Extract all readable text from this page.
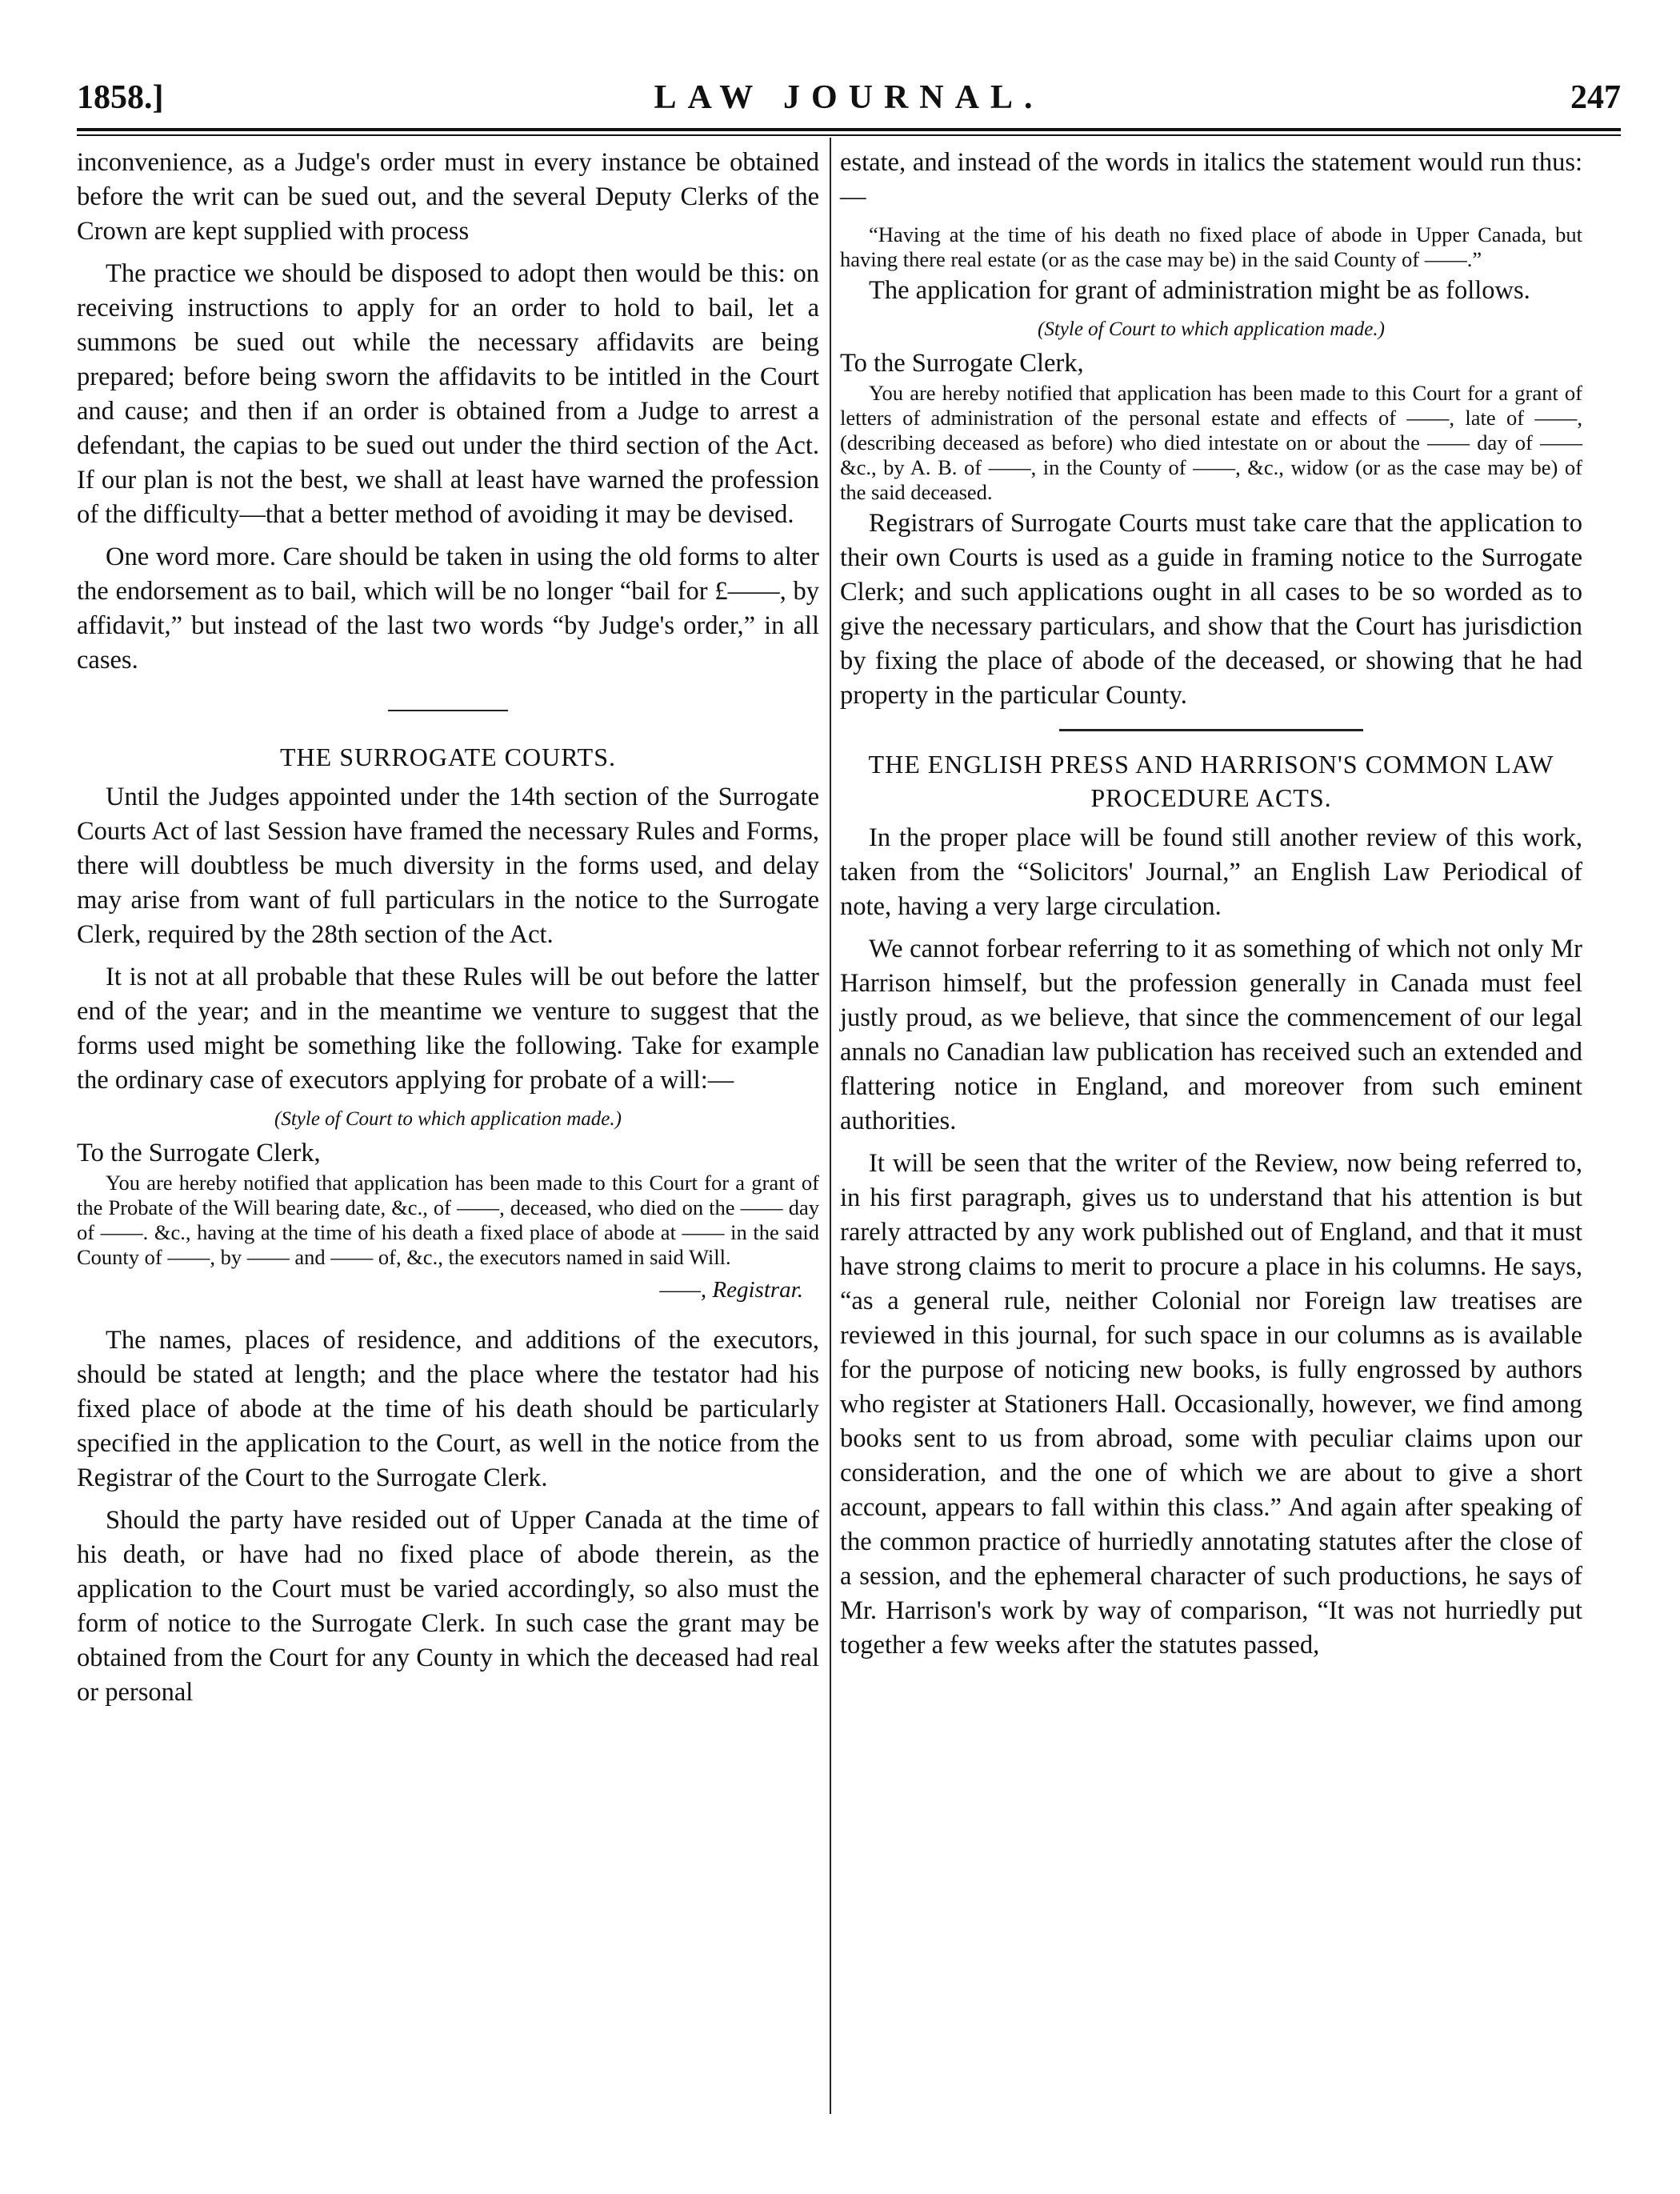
1858.]	LAW JOURNAL.	247

inconvenience, as a Judge's order must in every instance be obtained before the writ can be sued out, and the several Deputy Clerks of the Crown are kept supplied with process

The practice we should be disposed to adopt then would be this: on receiving instructions to apply for an order to hold to bail, let a summons be sued out while the necessary affidavits are being prepared; before being sworn the affidavits to be intitled in the Court and cause; and then if an order is obtained from a Judge to arrest a defendant, the capias to be sued out under the third section of the Act. If our plan is not the best, we shall at least have warned the profession of the difficulty—that a better method of avoiding it may be devised.

One word more. Care should be taken in using the old forms to alter the endorsement as to bail, which will be no longer “bail for £——, by affidavit,” but instead of the last two words “by Judge's order,” in all cases.

THE SURROGATE COURTS.

Until the Judges appointed under the 14th section of the Surrogate Courts Act of last Session have framed the necessary Rules and Forms, there will doubtless be much diversity in the forms used, and delay may arise from want of full particulars in the notice to the Surrogate Clerk, required by the 28th section of the Act.

It is not at all probable that these Rules will be out before the latter end of the year; and in the meantime we venture to suggest that the forms used might be something like the following. Take for example the ordinary case of executors applying for probate of a will:—

(Style of Court to which application made.)

To the Surrogate Clerk,

You are hereby notified that application has been made to this Court for a grant of the Probate of the Will bearing date, &c., of ——, deceased, who died on the —— day of ——. &c., having at the time of his death a fixed place of abode at —— in the said County of ——, by —— and —— of, &c., the executors named in said Will.

——, Registrar.

The names, places of residence, and additions of the executors, should be stated at length; and the place where the testator had his fixed place of abode at the time of his death should be particularly specified in the application to the Court, as well in the notice from the Registrar of the Court to the Surrogate Clerk.

Should the party have resided out of Upper Canada at the time of his death, or have had no fixed place of abode therein, as the application to the Court must be varied accordingly, so also must the form of notice to the Surrogate Clerk. In such case the grant may be obtained from the Court for any County in which the deceased had real or personal

estate, and instead of the words in italics the statement would run thus:—

“Having at the time of his death no fixed place of abode in Upper Canada, but having there real estate (or as the case may be) in the said County of ——.”

The application for grant of administration might be as follows.

(Style of Court to which application made.)

To the Surrogate Clerk,

You are hereby notified that application has been made to this Court for a grant of letters of administration of the personal estate and effects of ——, late of ——, (describing deceased as before) who died intestate on or about the —— day of —— &c., by A. B. of ——, in the County of ——, &c., widow (or as the case may be) of the said deceased.

Registrars of Surrogate Courts must take care that the application to their own Courts is used as a guide in framing notice to the Surrogate Clerk; and such applications ought in all cases to be so worded as to give the necessary particulars, and show that the Court has jurisdiction by fixing the place of abode of the deceased, or showing that he had property in the particular County.

THE ENGLISH PRESS AND HARRISON'S COMMON LAW PROCEDURE ACTS.

In the proper place will be found still another review of this work, taken from the “Solicitors' Journal,” an English Law Periodical of note, having a very large circulation.

We cannot forbear referring to it as something of which not only Mr Harrison himself, but the profession generally in Canada must feel justly proud, as we believe, that since the commencement of our legal annals no Canadian law publication has received such an extended and flattering notice in England, and moreover from such eminent authorities.

It will be seen that the writer of the Review, now being referred to, in his first paragraph, gives us to understand that his attention is but rarely attracted by any work published out of England, and that it must have strong claims to merit to procure a place in his columns. He says, “as a general rule, neither Colonial nor Foreign law treatises are reviewed in this journal, for such space in our columns as is available for the purpose of noticing new books, is fully engrossed by authors who register at Stationers Hall. Occasionally, however, we find among books sent to us from abroad, some with peculiar claims upon our consideration, and the one of which we are about to give a short account, appears to fall within this class.” And again after speaking of the common practice of hurriedly annotating statutes after the close of a session, and the ephemeral character of such productions, he says of Mr. Harrison's work by way of comparison, “It was not hurriedly put together a few weeks after the statutes passed,
